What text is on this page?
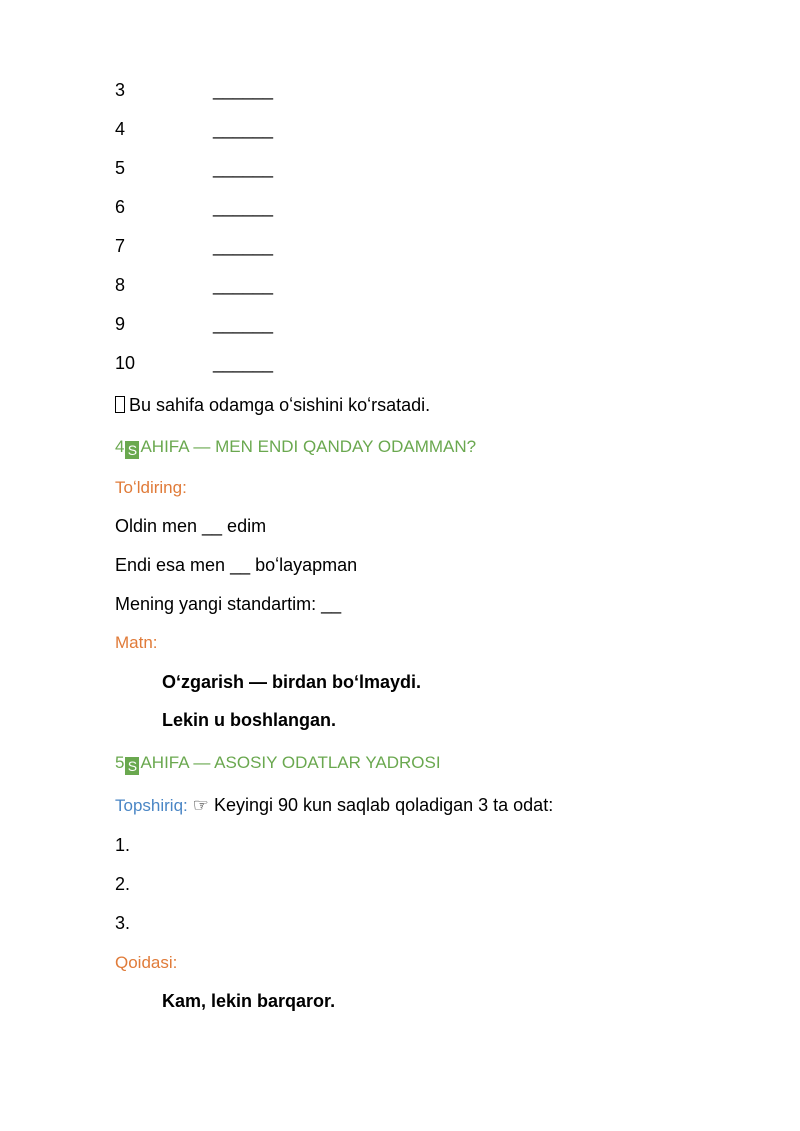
3	______
4	______
5	______
6	______
7	______
8	______
9	______
10	______
Bu sahifa odamga oʻsishini koʻrsatadi.
4 S AHIFA — MEN ENDI QANDAY ODAMMAN?
Toʻldiring:
Oldin men __ edim
Endi esa men __ boʻlayapman
Mening yangi standartim: __
Matn:
Oʻzgarish — birdan boʻlmaydi.
Lekin u boshlangan.
5 S AHIFA — ASOSIY ODATLAR YADROSI
Topshiriq: ☞ Keyingi 90 kun saqlab qoladigan 3 ta odat:
1.
2.
3.
Qoidasi:
Kam, lekin barqaror.
